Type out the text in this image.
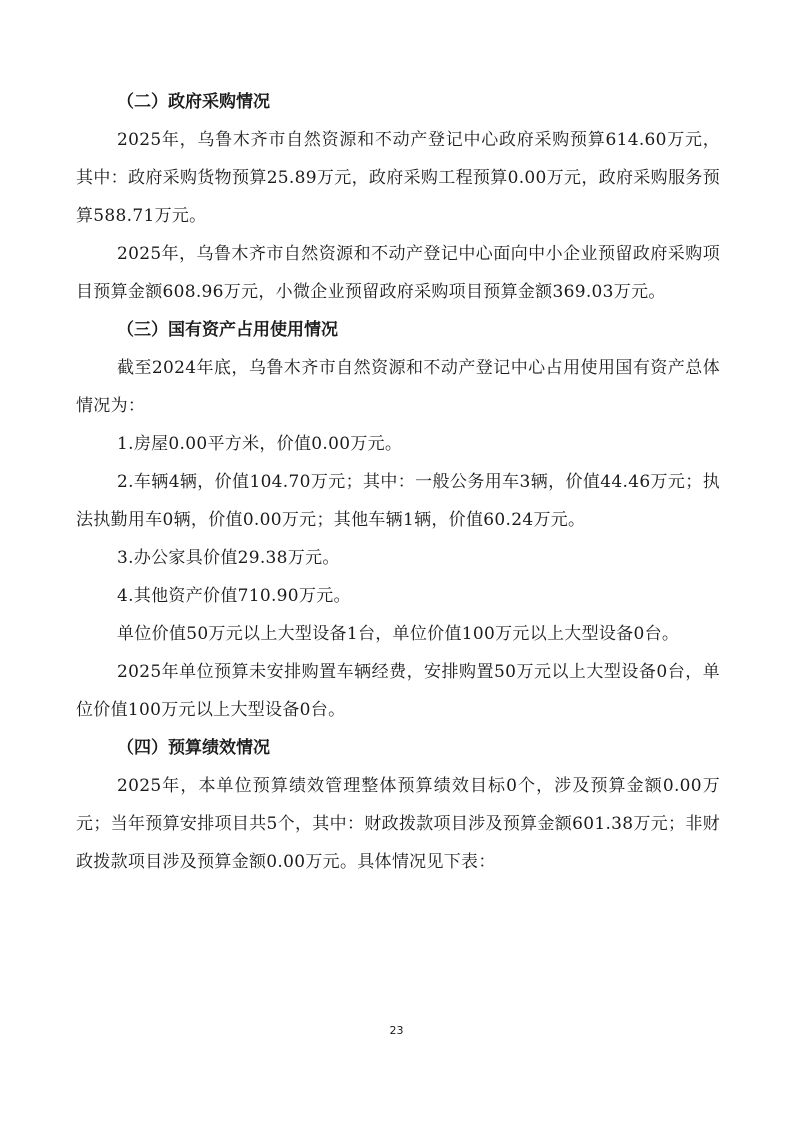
（二）政府采购情况

2025年，乌鲁木齐市自然资源和不动产登记中心政府采购预算614.60万元，其中：政府采购货物预算25.89万元，政府采购工程预算0.00万元，政府采购服务预算588.71万元。

2025年，乌鲁木齐市自然资源和不动产登记中心面向中小企业预留政府采购项目预算金额608.96万元，小微企业预留政府采购项目预算金额369.03万元。

（三）国有资产占用使用情况

截至2024年底，乌鲁木齐市自然资源和不动产登记中心占用使用国有资产总体情况为：

1.房屋0.00平方米，价值0.00万元。

2.车辆4辆，价值104.70万元；其中：一般公务用车3辆，价值44.46万元；执法执勤用车0辆，价值0.00万元；其他车辆1辆，价值60.24万元。

3.办公家具价值29.38万元。

4.其他资产价值710.90万元。

单位价值50万元以上大型设备1台，单位价值100万元以上大型设备0台。

2025年单位预算未安排购置车辆经费，安排购置50万元以上大型设备0台，单位价值100万元以上大型设备0台。

（四）预算绩效情况

2025年，本单位预算绩效管理整体预算绩效目标0个，涉及预算金额0.00万元；当年预算安排项目共5个，其中：财政拨款项目涉及预算金额601.38万元；非财政拨款项目涉及预算金额0.00万元。具体情况见下表：

23
